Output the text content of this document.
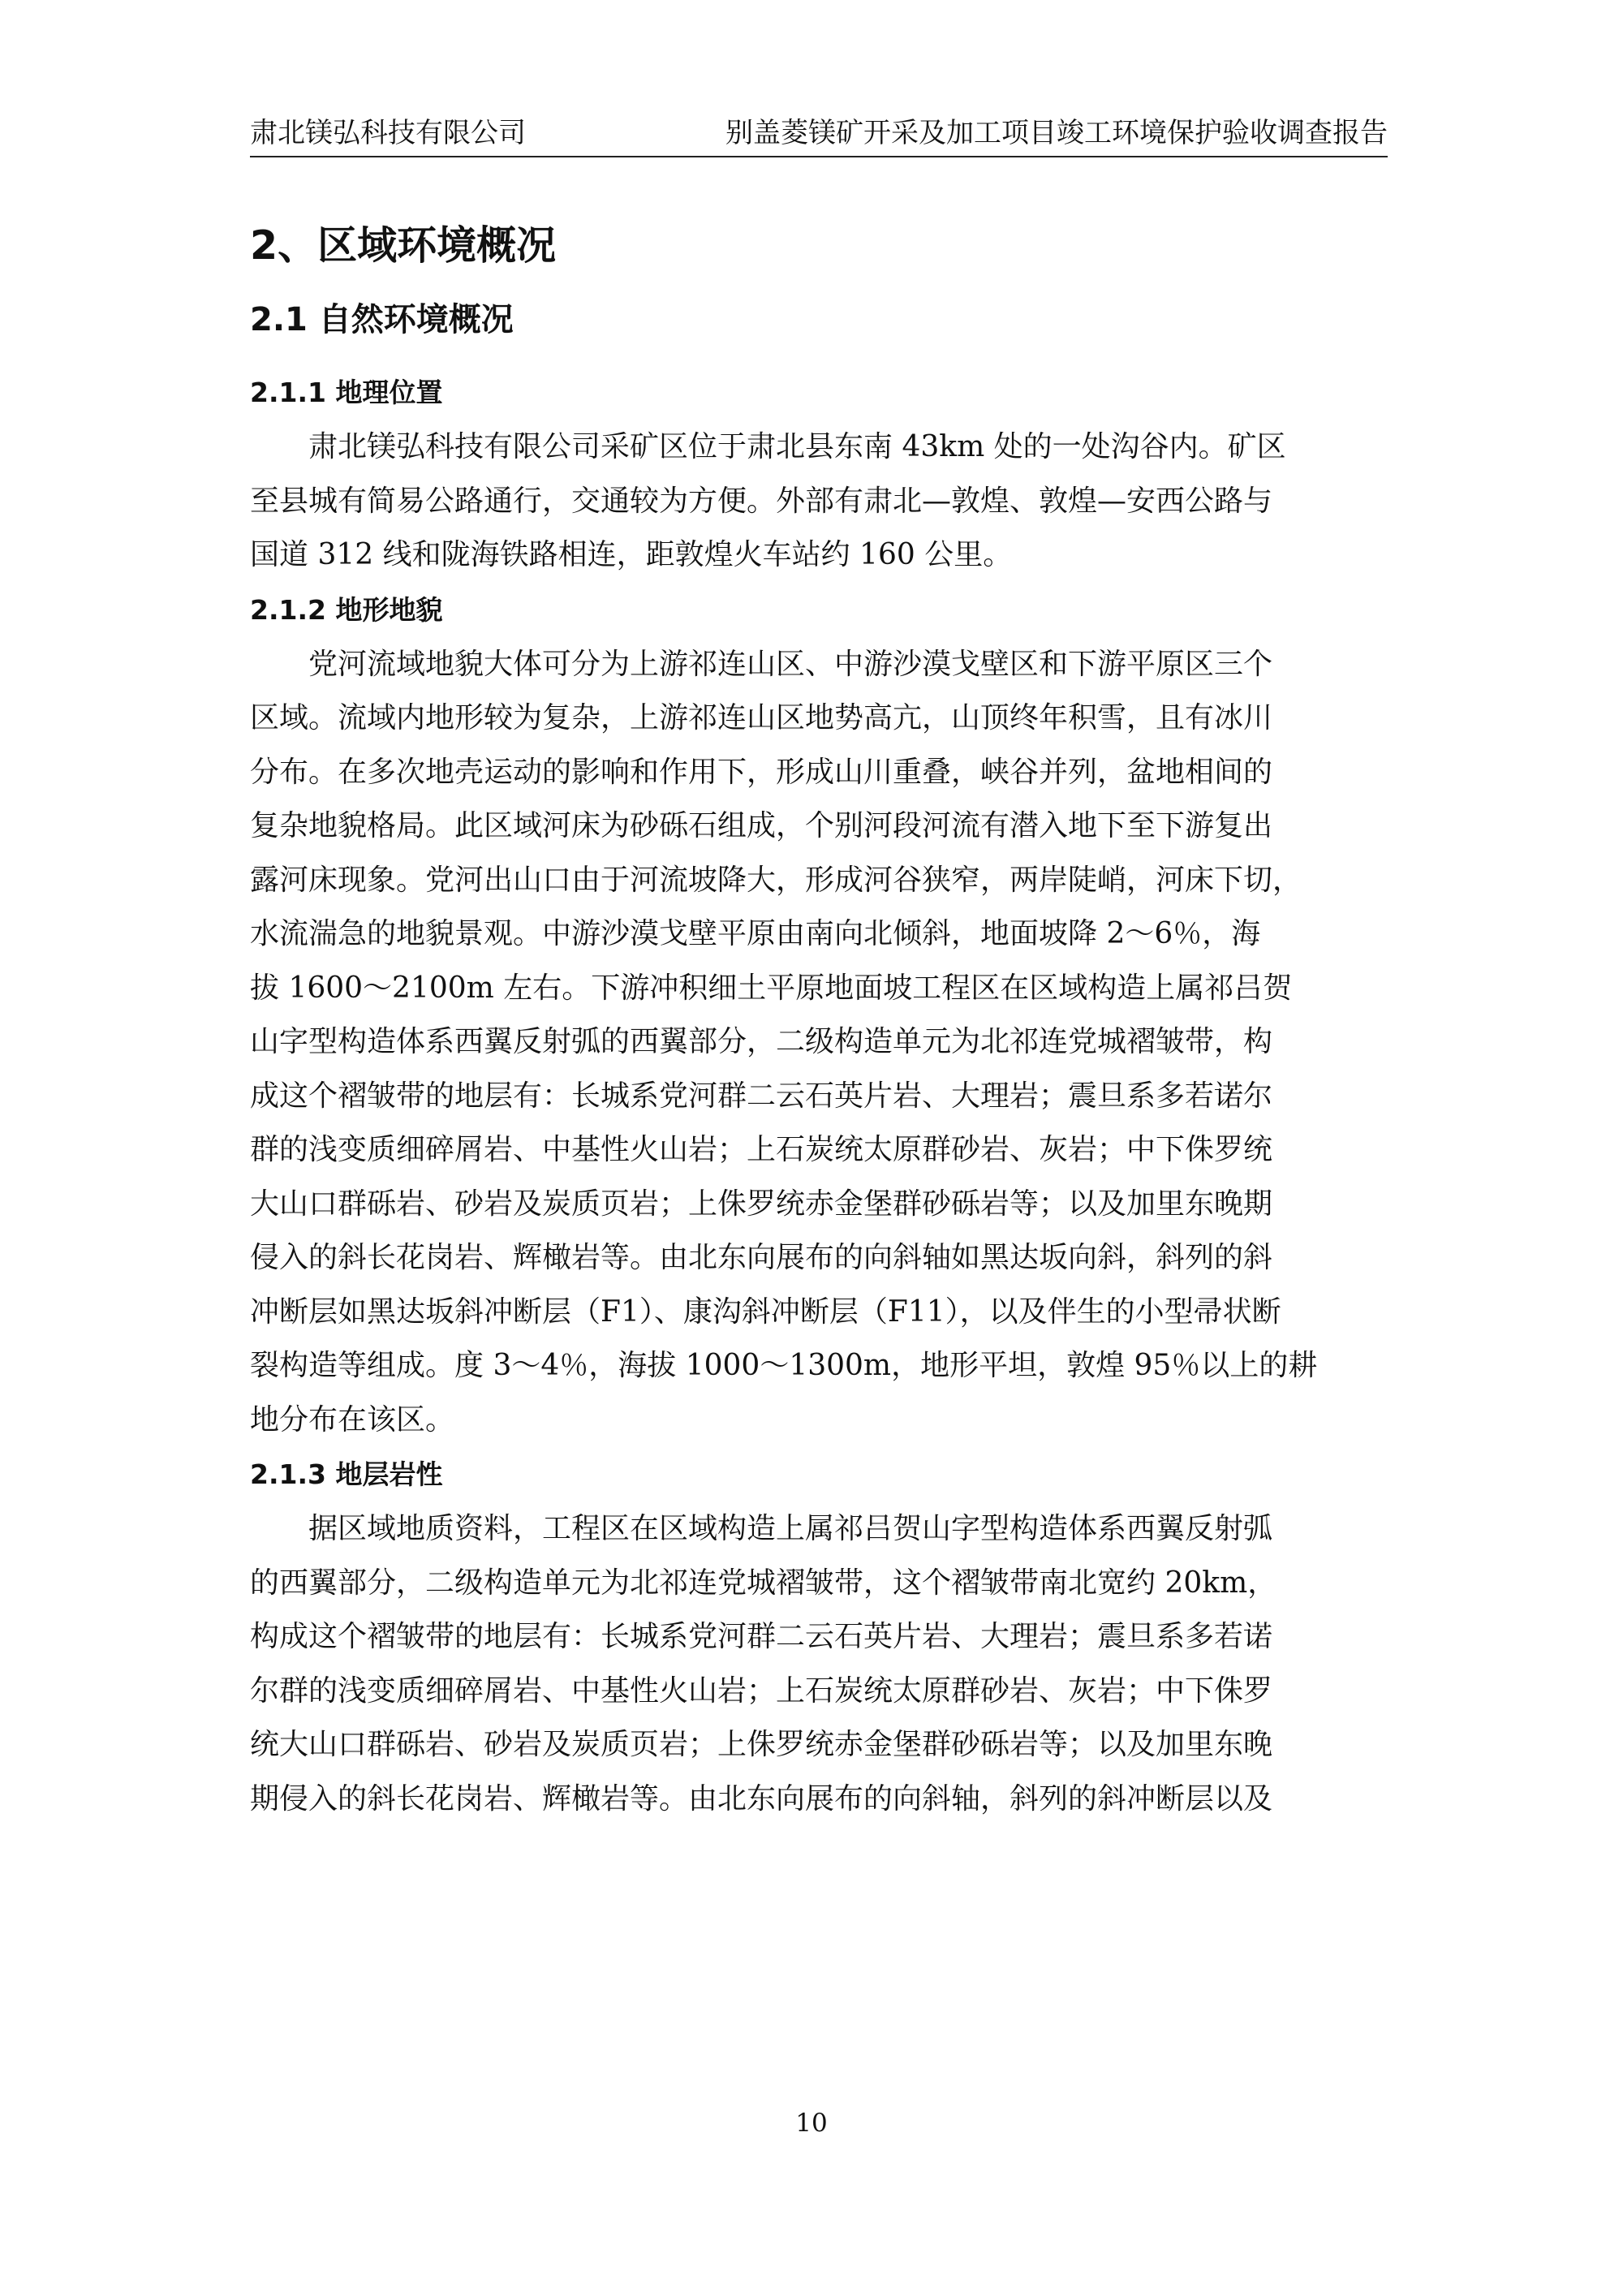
肃北镁弘科技有限公司	别盖菱镁矿开采及加工项目竣工环境保护验收调查报告
2、区域环境概况
2.1 自然环境概况
2.1.1 地理位置
肃北镁弘科技有限公司采矿区位于肃北县东南 43km 处的一处沟谷内。矿区
至县城有简易公路通行，交通较为方便。外部有肃北—敦煌、敦煌—安西公路与
国道 312 线和陇海铁路相连，距敦煌火车站约 160 公里。
2.1.2 地形地貌
党河流域地貌大体可分为上游祁连山区、中游沙漠戈壁区和下游平原区三个
区域。流域内地形较为复杂，上游祁连山区地势高亢，山顶终年积雪，且有冰川
分布。在多次地壳运动的影响和作用下，形成山川重叠，峡谷并列，盆地相间的
复杂地貌格局。此区域河床为砂砾石组成，个别河段河流有潜入地下至下游复出
露河床现象。党河出山口由于河流坡降大，形成河谷狭窄，两岸陡峭，河床下切，
水流湍急的地貌景观。中游沙漠戈壁平原由南向北倾斜，地面坡降 2～6％，海
拔 1600～2100m 左右。下游冲积细土平原地面坡工程区在区域构造上属祁吕贺
山字型构造体系西翼反射弧的西翼部分，二级构造单元为北祁连党城褶皱带，构
成这个褶皱带的地层有：长城系党河群二云石英片岩、大理岩；震旦系多若诺尔
群的浅变质细碎屑岩、中基性火山岩；上石炭统太原群砂岩、灰岩；中下侏罗统
大山口群砾岩、砂岩及炭质页岩；上侏罗统赤金堡群砂砾岩等；以及加里东晚期
侵入的斜长花岗岩、辉橄岩等。由北东向展布的向斜轴如黑达坂向斜，斜列的斜
冲断层如黑达坂斜冲断层（F1）、康沟斜冲断层（F11），以及伴生的小型帚状断
裂构造等组成。度 3～4％，海拔 1000～1300m，地形平坦，敦煌 95％以上的耕
地分布在该区。
2.1.3 地层岩性
据区域地质资料，工程区在区域构造上属祁吕贺山字型构造体系西翼反射弧
的西翼部分，二级构造单元为北祁连党城褶皱带，这个褶皱带南北宽约 20km，
构成这个褶皱带的地层有：长城系党河群二云石英片岩、大理岩；震旦系多若诺
尔群的浅变质细碎屑岩、中基性火山岩；上石炭统太原群砂岩、灰岩；中下侏罗
统大山口群砾岩、砂岩及炭质页岩；上侏罗统赤金堡群砂砾岩等；以及加里东晚
期侵入的斜长花岗岩、辉橄岩等。由北东向展布的向斜轴，斜列的斜冲断层以及
10
